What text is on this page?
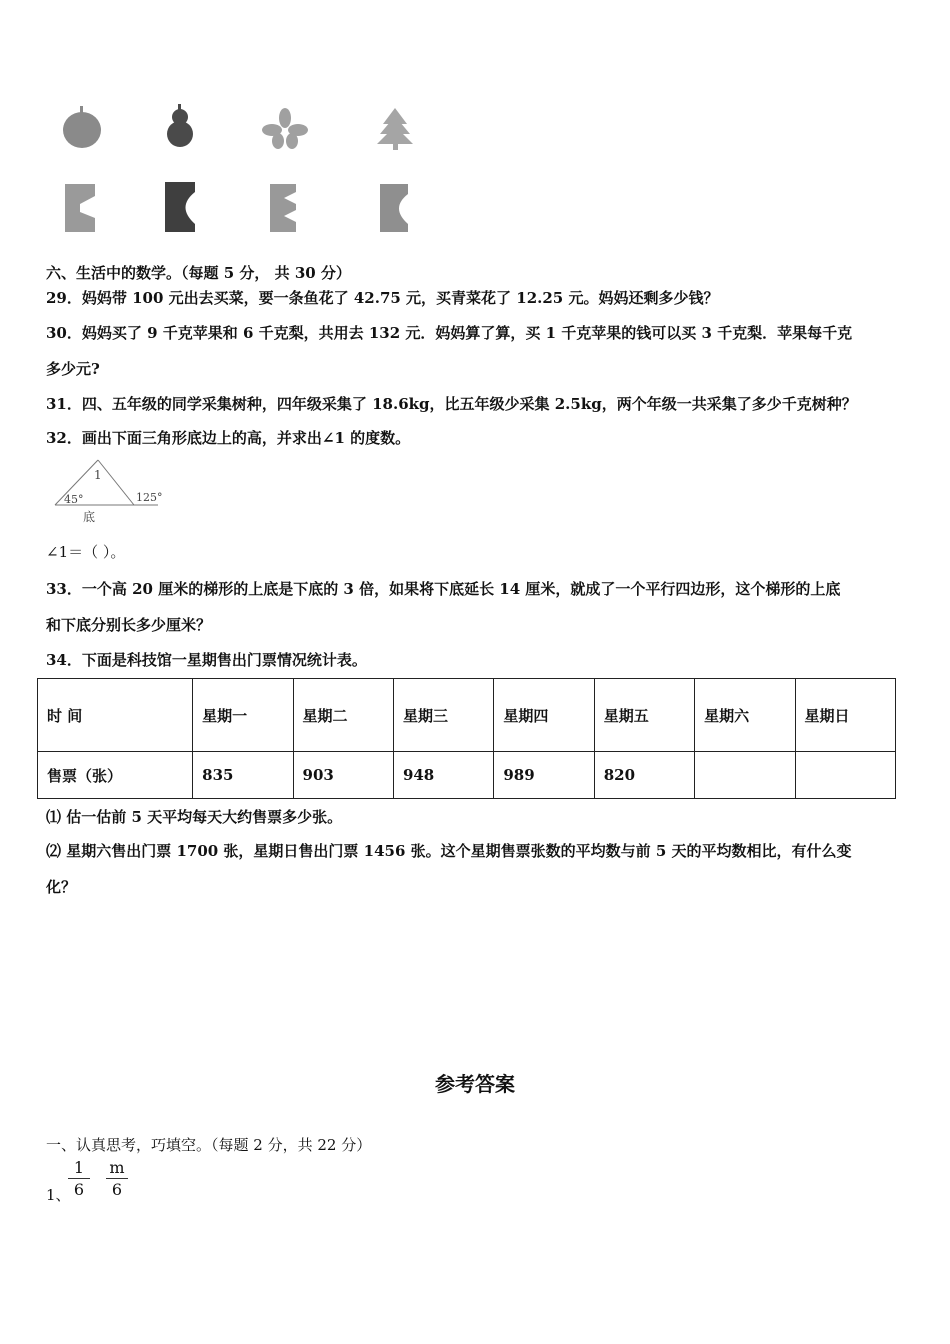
六、生活中的数学。（每题 5 分， 共 30 分）
29．妈妈带 100 元出去买菜，要一条鱼花了 42.75 元，买青菜花了 12.25 元。妈妈还剩多少钱？
30．妈妈买了 9 千克苹果和 6 千克梨，共用去 132 元．妈妈算了算，买 1 千克苹果的钱可以买 3 千克梨．苹果每千克
多少元?
31．四、五年级的同学采集树种，四年级采集了 18.6kg，比五年级少采集 2.5kg，两个年级一共采集了多少千克树种？
32．画出下面三角形底边上的高，并求出∠1 的度数。
1
45°	125°
底
∠1＝（ ）。
33．一个高 20 厘米的梯形的上底是下底的 3 倍，如果将下底延长 14 厘米，就成了一个平行四边形，这个梯形的上底
和下底分别长多少厘米？
34．下面是科技馆一星期售出门票情况统计表。
时 间	星期一	星期二	星期三	星期四	星期五	星期六	星期日
售票（张）	835	903	948	989	820		
⑴ 估一估前 5 天平均每天大约售票多少张。
⑵ 星期六售出门票 1700 张，星期日售出门票 1456 张。这个星期售票张数的平均数与前 5 天的平均数相比，有什么变
化？
参考答案
一、认真思考，巧填空。（每题 2 分，共 22 分）
1、
$\frac{1}{6} \frac{m}{6}$
